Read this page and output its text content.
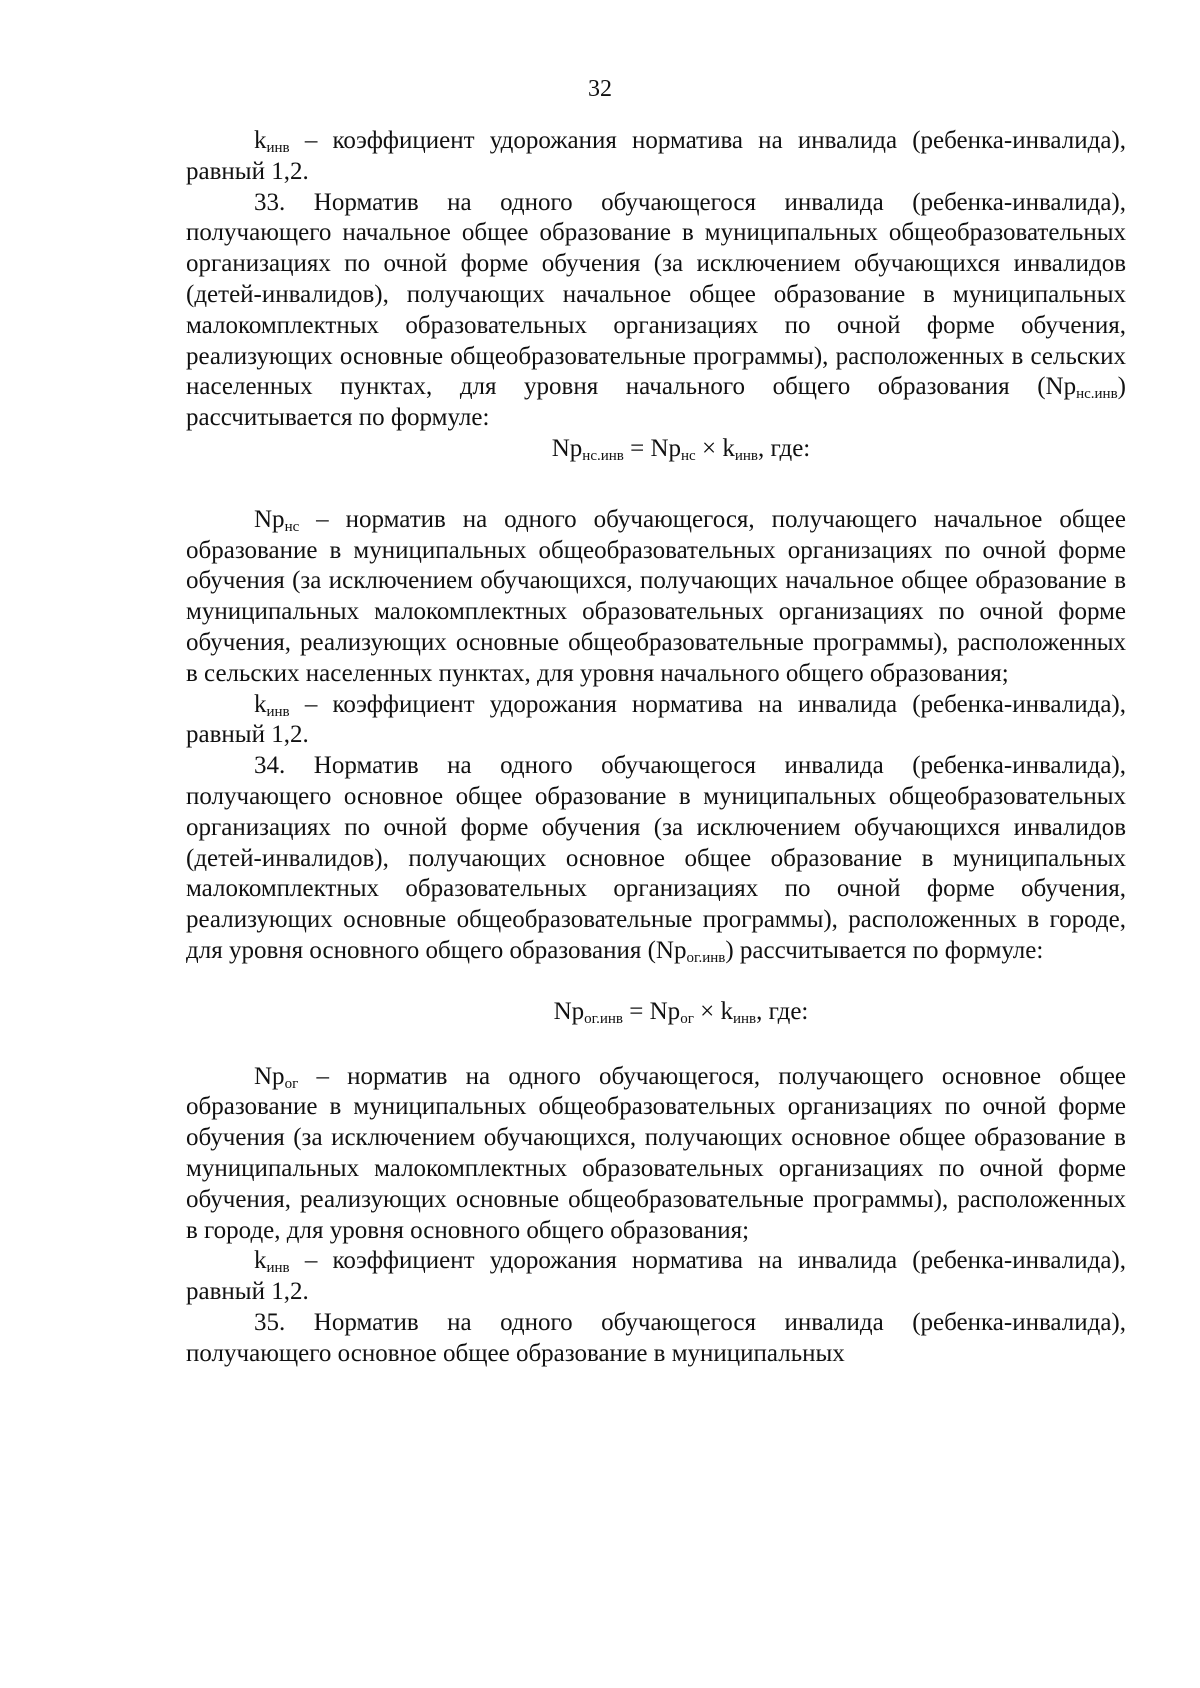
32

$k_{инв}$ – коэффициент удорожания норматива на инвалида (ребенка-инвалида), равный 1,2.

33. Норматив на одного обучающегося инвалида (ребенка-инвалида), получающего начальное общее образование в муниципальных общеобразовательных организациях по очной форме обучения (за исключением обучающихся инвалидов (детей-инвалидов), получающих начальное общее образование в муниципальных малокомплектных образовательных организациях по очной форме обучения, реализующих основные общеобразовательные программы), расположенных в сельских населенных пунктах, для уровня начального общего образования $(Np_{нс.инв})$ рассчитывается по формуле:

$Np_{нс.инв} = Np_{нс} \times k_{инв}$, где:

$Np_{нс}$ – норматив на одного обучающегося, получающего начальное общее образование в муниципальных общеобразовательных организациях по очной форме обучения (за исключением обучающихся, получающих начальное общее образование в муниципальных малокомплектных образовательных организациях по очной форме обучения, реализующих основные общеобразовательные программы), расположенных в сельских населенных пунктах, для уровня начального общего образования;

$k_{инв}$ – коэффициент удорожания норматива на инвалида (ребенка-инвалида), равный 1,2.

34. Норматив на одного обучающегося инвалида (ребенка-инвалида), получающего основное общее образование в муниципальных общеобразовательных организациях по очной форме обучения (за исключением обучающихся инвалидов (детей-инвалидов), получающих основное общее образование в муниципальных малокомплектных образовательных организациях по очной форме обучения, реализующих основные общеобразовательные программы), расположенных в городе, для уровня основного общего образования $(Np_{ог.инв})$ рассчитывается по формуле:

$Np_{ог.инв} = Np_{ог} \times k_{инв}$, где:

$Np_{ог}$ – норматив на одного обучающегося, получающего основное общее образование в муниципальных общеобразовательных организациях по очной форме обучения (за исключением обучающихся, получающих основное общее образование в муниципальных малокомплектных образовательных организациях по очной форме обучения, реализующих основные общеобразовательные программы), расположенных в городе, для уровня основного общего образования;

$k_{инв}$ – коэффициент удорожания норматива на инвалида (ребенка-инвалида), равный 1,2.

35. Норматив на одного обучающегося инвалида (ребенка-инвалида), получающего основное общее образование в муниципальных
